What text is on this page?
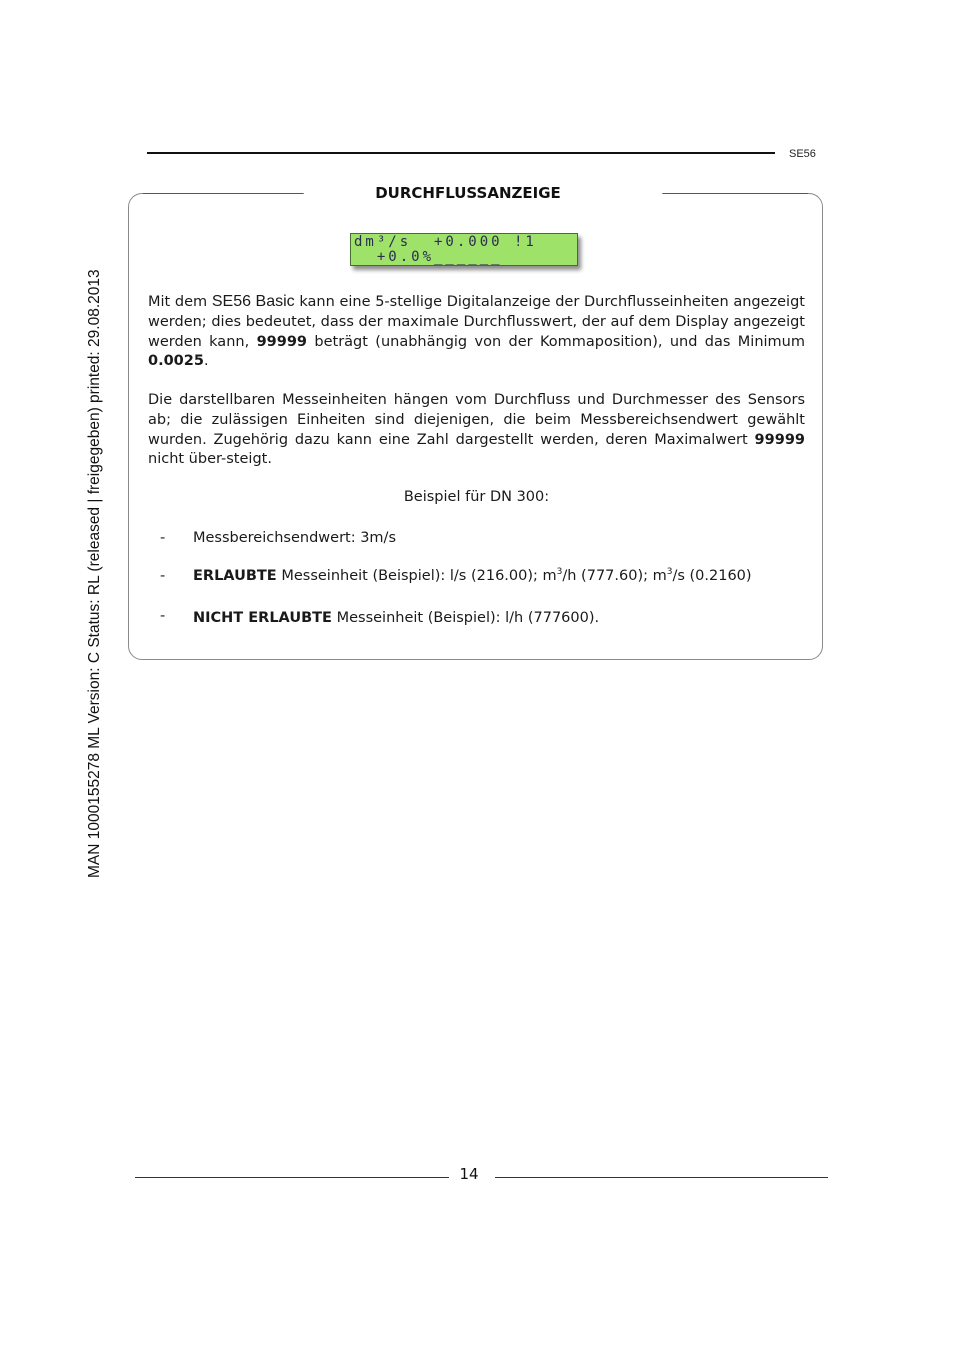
MAN 1000155278 ML Version: C Status: RL (released | freigegeben) printed: 29.08.2013
SE56
DURCHFLUSSANZEIGE
dm³/s  +0.000 !1
+0.0%______
Mit dem SE56 Basic kann eine 5-stellige Digitalanzeige der Durchflusseinheiten angezeigt werden; dies bedeutet, dass der maximale Durchflusswert, der auf dem Display angezeigt werden kann, 99999 beträgt (unabhängig von der Kommaposition), und das Minimum 0.0025.
Die darstellbaren Messeinheiten hängen vom Durchfluss und Durchmesser des Sensors ab; die zulässigen Einheiten sind diejenigen, die beim Messbereichsendwert gewählt wurden. Zugehörig dazu kann eine Zahl dargestellt werden, deren Maximalwert 99999 nicht über-steigt.
Beispiel für DN 300:
- Messbereichsendwert: 3m/s
- ERLAUBTE Messeinheit (Beispiel): l/s (216.00); $m^3/h$ (777.60); $m^3/s$ (0.2160)
- NICHT ERLAUBTE Messeinheit (Beispiel): l/h (777600).
14
